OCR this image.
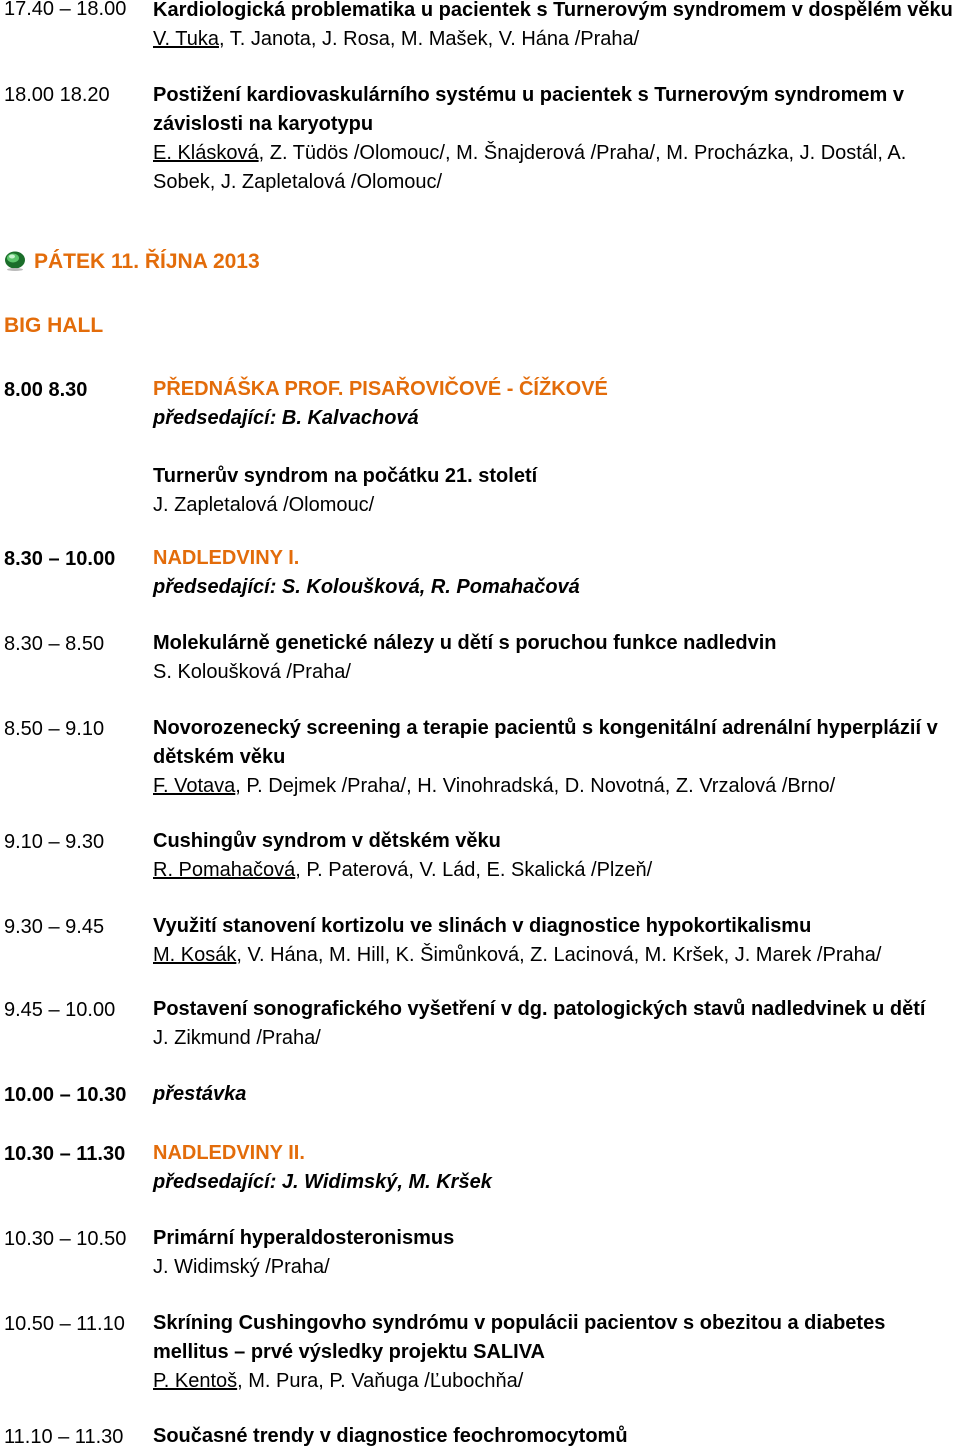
17.40 – 18.00 Kardiologická problematika u pacientek s Turnerovým syndromem v dospělém věku
V. Tuka, T. Janota, J. Rosa, M. Mašek, V. Hána /Praha/
18.00 18.20 Postižení kardiovaskulárního systému u pacientek s Turnerovým syndromem v
závislosti na karyotypu
E. Klásková, Z. Tüdös /Olomouc/, M. Šnajderová /Praha/, M. Procházka, J. Dostál, A.
Sobek, J. Zapletalová /Olomouc/
PÁTEK 11. ŘÍJNA 2013
BIG HALL
8.00 8.30	PŘEDNÁŠKA PROF. PISAŘOVIČOVÉ - ČÍŽKOVÉ
předsedající: B. Kalvachová
Turnerův syndrom na počátku 21. století
J. Zapletalová /Olomouc/
8.30 – 10.00 NADLEDVINY I.
předsedající: S. Koloušková, R. Pomahačová
8.30 – 8.50 Molekulárně genetické nálezy u dětí s poruchou funkce nadledvin
S. Koloušková /Praha/
8.50 – 9.10 Novorozenecký screening a terapie pacientů s kongenitální adrenální hyperplázií v
dětském věku
F. Votava, P. Dejmek /Praha/, H. Vinohradská, D. Novotná, Z. Vrzalová /Brno/
9.10 – 9.30 Cushingův syndrom v dětském věku
R. Pomahačová, P. Paterová, V. Lád, E. Skalická /Plzeň/
9.30 – 9.45 Využití stanovení kortizolu ve slinách v diagnostice hypokortikalismu
M. Kosák, V. Hána, M. Hill, K. Šimůnková, Z. Lacinová, M. Kršek, J. Marek /Praha/
9.45 – 10.00 Postavení sonografického vyšetření v dg. patologických stavů nadledvinek u dětí
J. Zikmund /Praha/
10.00 – 10.30 přestávka
10.30 – 11.30 NADLEDVINY II.
předsedající: J. Widimský, M. Kršek
10.30 – 10.50 Primární hyperaldosteronismus
J. Widimský /Praha/
10.50 – 11.10 Skríning Cushingovho syndrómu v populácii pacientov s obezitou a diabetes
mellitus – prvé výsledky projektu SALIVA
P. Kentoš, M. Pura, P. Vaňuga /Ľubochňa/
11.10 – 11.30 Současné trendy v diagnostice feochromocytomů
